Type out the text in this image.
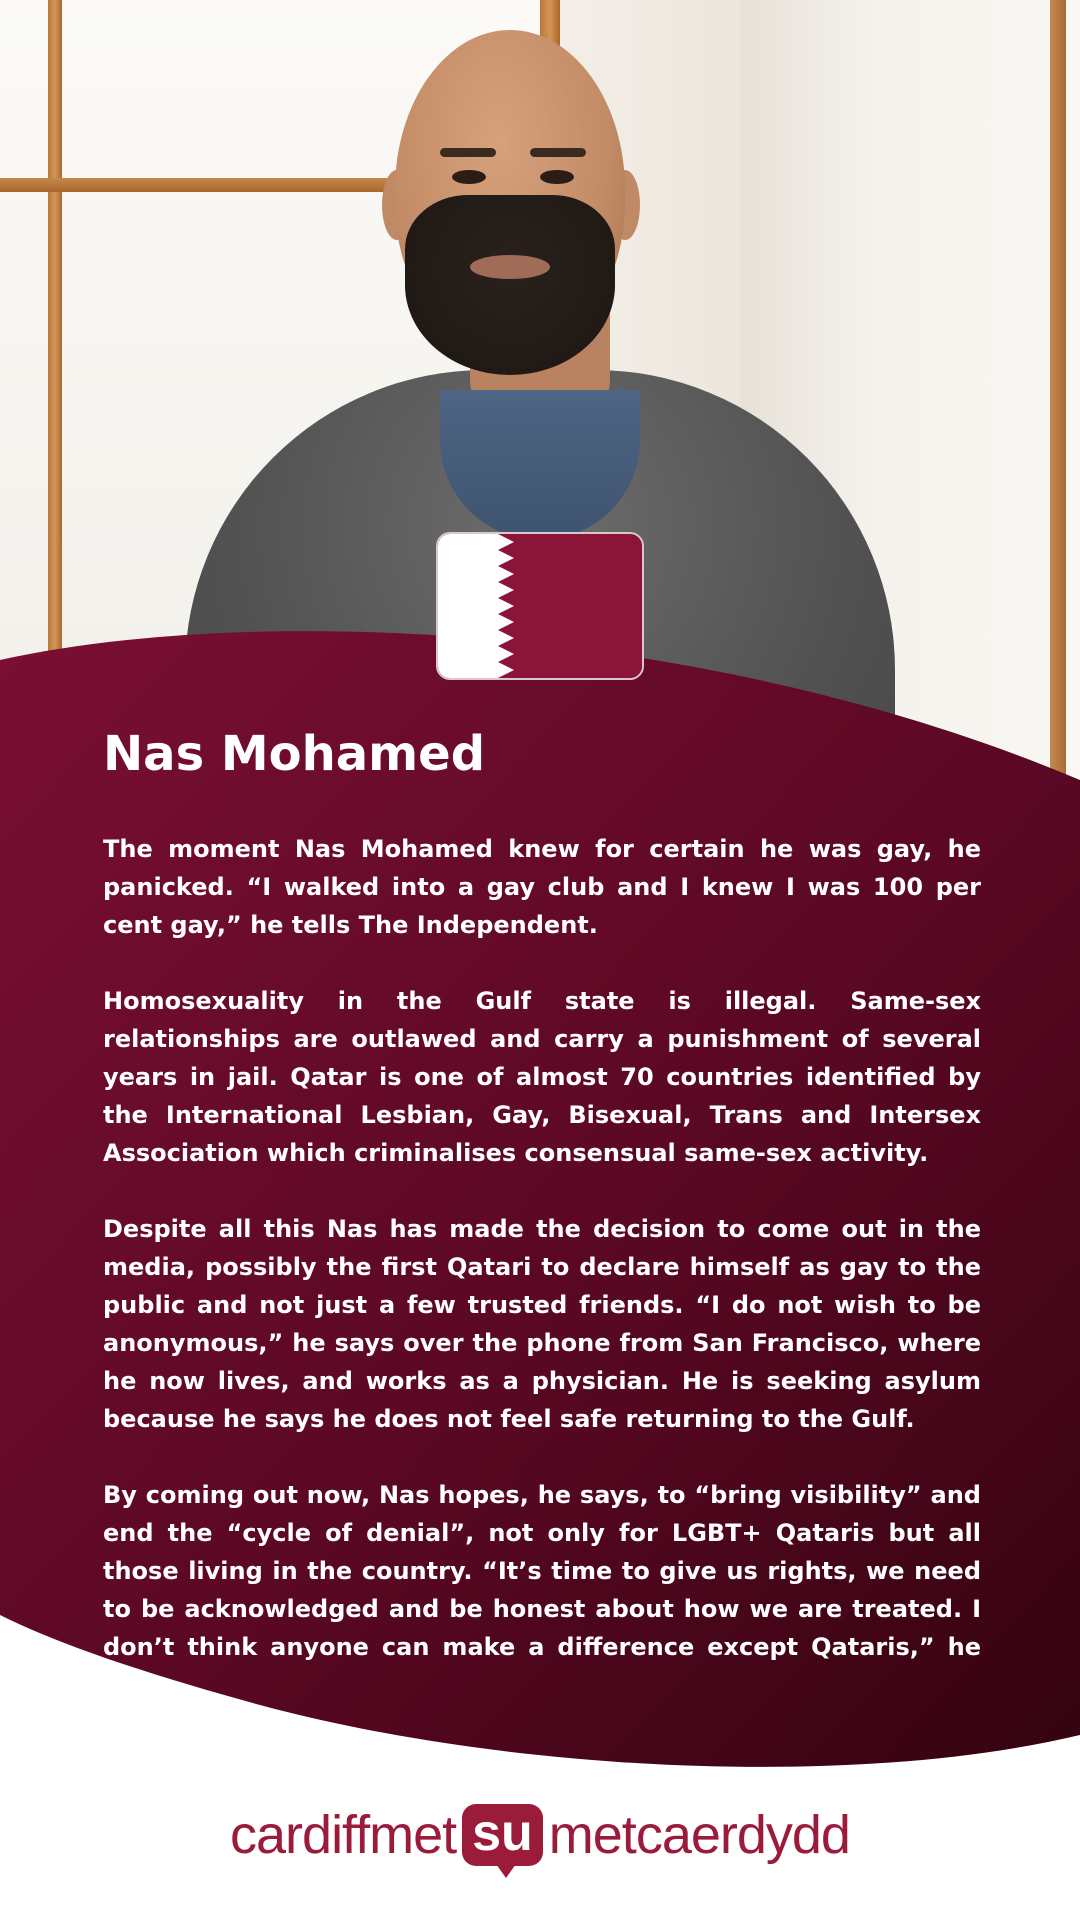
Nas Mohamed

The moment Nas Mohamed knew for certain he was gay, he panicked. “I walked into a gay club and I knew I was 100 per cent gay,” he tells The Independent.

Homosexuality in the Gulf state is illegal. Same-sex relationships are outlawed and carry a punishment of several years in jail. Qatar is one of almost 70 countries identified by the International Lesbian, Gay, Bisexual, Trans and Intersex Association which criminalises consensual same-sex activity.

Despite all this Nas has made the decision to come out in the media, possibly the first Qatari to declare himself as gay to the public and not just a few trusted friends. “I do not wish to be anonymous,” he says over the phone from San Francisco, where he now lives, and works as a physician. He is seeking asylum because he says he does not feel safe returning to the Gulf.

By coming out now, Nas hopes, he says, to “bring visibility” and end the “cycle of denial”, not only for LGBT+ Qataris but all those living in the country. “It’s time to give us rights, we need to be acknowledged and be honest about how we are treated. I don’t think anyone can make a difference except Qataris,” he says.

cardiffmet su metcaerdydd
